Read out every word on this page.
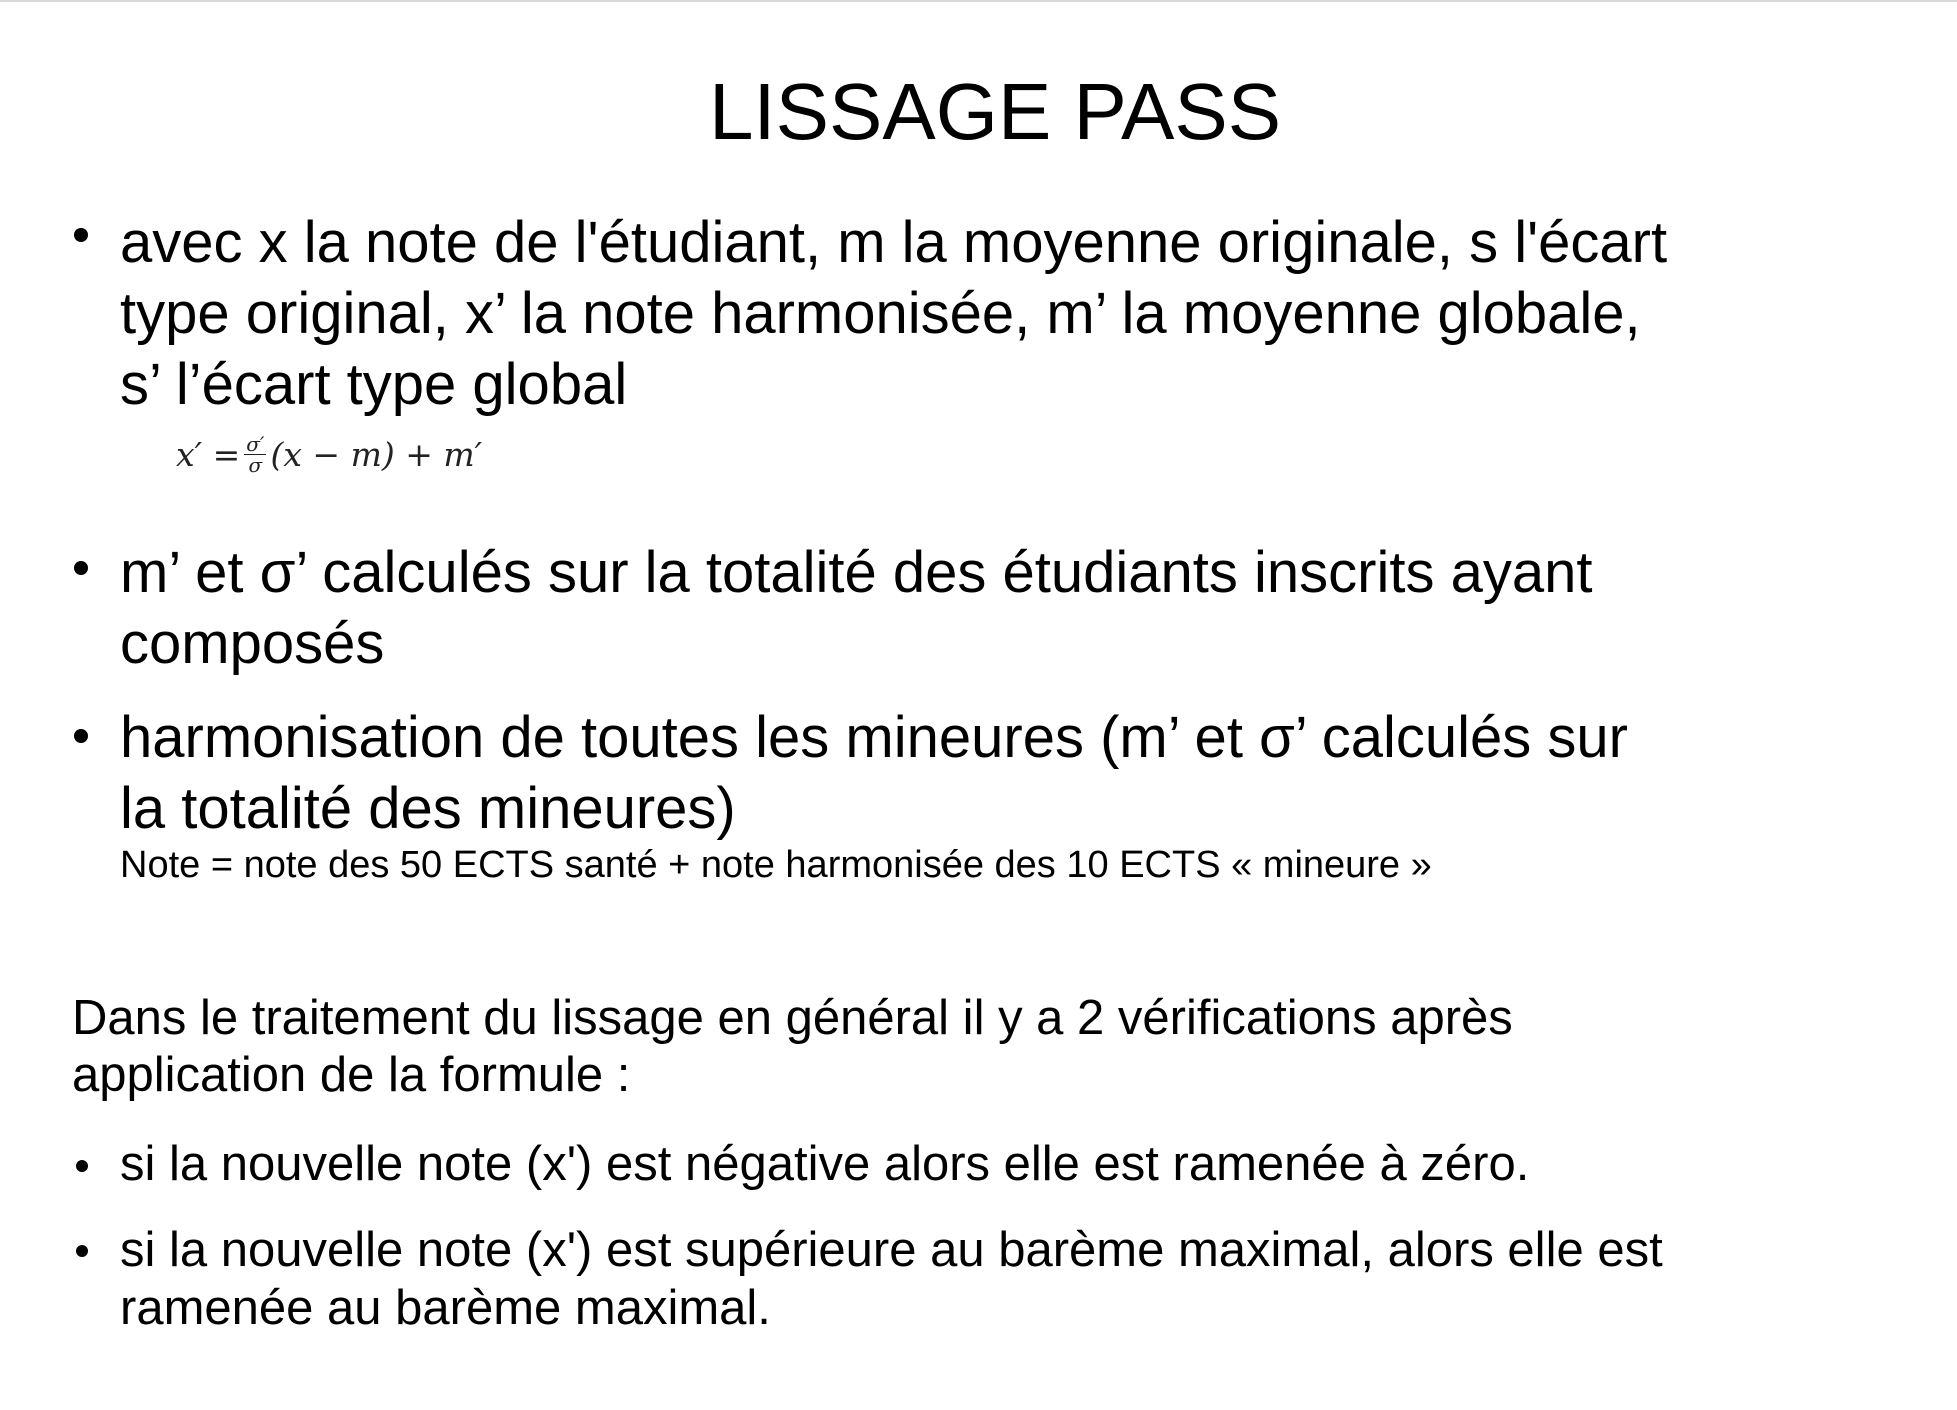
LISSAGE PASS
avec x la note de l'étudiant, m la moyenne originale, s l'écart
type original, x’ la note harmonisée, m’ la moyenne globale,
s’ l’écart type global
$x' = \frac{\sigma'}{\sigma} (x - m) + m'$
m’ et σ’ calculés sur la totalité des étudiants inscrits ayant
composés
harmonisation de toutes les mineures (m’ et σ’ calculés sur
la totalité des mineures)
Note = note des 50 ECTS santé + note harmonisée des 10 ECTS « mineure »
Dans le traitement du lissage en général il y a 2 vérifications après
application de la formule :
si la nouvelle note (x') est négative alors elle est ramenée à zéro.
si la nouvelle note (x') est supérieure au barème maximal, alors elle est
ramenée au barème maximal.
